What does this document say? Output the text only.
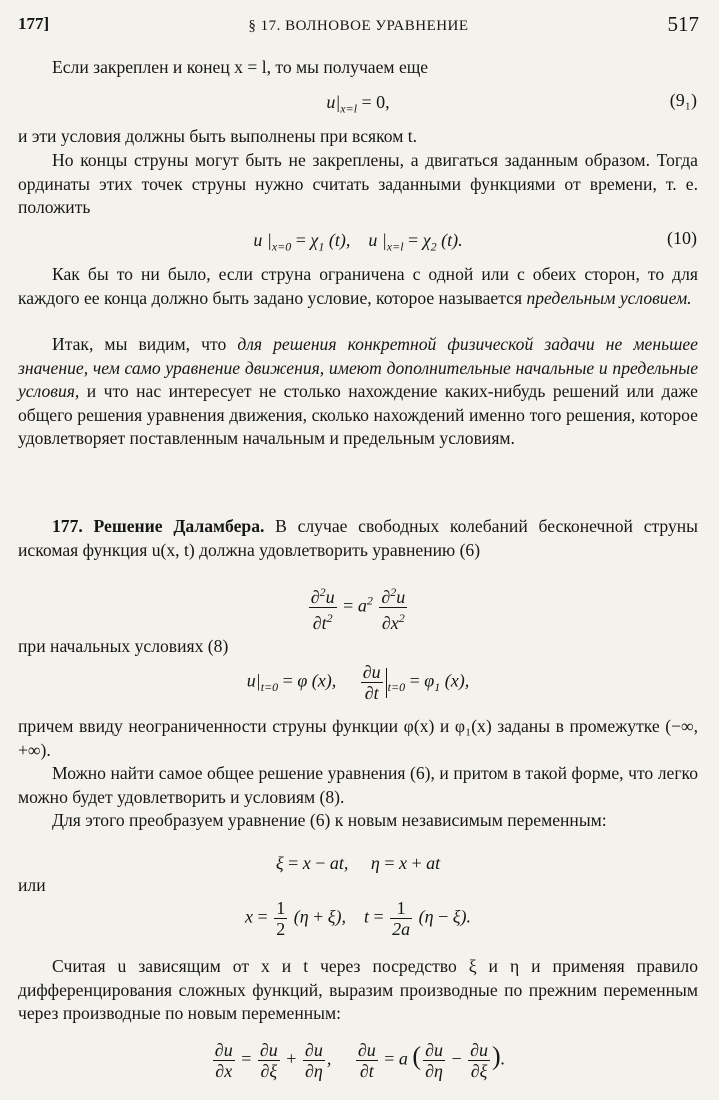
177]	§ 17. ВОЛНОВОЕ УРАВНЕНИЕ	517
Если закреплен и конец x = l, то мы получаем еще
$u|_{x=l} = 0$,	(9₁)
и эти условия должны быть выполнены при всяком t.
Но концы струны могут быть не закреплены, а двигаться заданным образом. Тогда ординаты этих точек струны нужно считать заданными функциями от времени, т. е. положить
u $|_{x=0} = \chi_1$ (t),    u $|_{x=l} = \chi_2$ (t).	(10)
Как бы то ни было, если струна ограничена с одной или с обеих сторон, то для каждого ее конца должно быть задано условие, которое называется предельным условием.
Итак, мы видим, что для решения конкретной физической задачи не меньшее значение, чем само уравнение движения, имеют дополнительные начальные и предельные условия, и что нас интересует не столько нахождение каких-нибудь решений или даже общего решения уравнения движения, сколько нахождений именно того решения, которое удовлетворяет поставленным начальным и предельным условиям.
177. Решение Даламбера. В случае свободных колебаний бесконечной струны искомая функция u(x, t) должна удовлетворить уравнению (6)
$\frac{\partial^2u}{\partial t^2} = a^2 \frac{\partial^2u}{\partial x^2}$
при начальных условиях (8)
$u|_{t=0} = \varphi$ (x), $\frac{\partial u}{\partial t} _{t=0} = \varphi_1$ (x),
причем ввиду неограниченности струны функции φ(x) и φ₁(x) заданы в промежутке (−∞, +∞).
Можно найти самое общее решение уравнения (6), и притом в такой форме, что легко можно будет удовлетворить и условиям (8).
Для этого преобразуем уравнение (6) к новым независимым переменным:
ξ = x − at,     η = x + at
или
$x = \frac{1}{2} (\eta + \xi)$,    $t = \frac{1}{2a} (\eta - \xi)$.
Считая u зависящим от x и t через посредство ξ и η и применяя правило дифференцирования сложных функций, выразим производные по прежним переменным через производные по новым переменным:
$\frac{\partial u}{\partial x} = \frac{\partial u}{\partial\xi} + \frac{\partial u}{\partial\eta}$ , $\frac{\partial u}{\partial t} = a$ ( $\frac{\partial u}{\partial\eta} - \frac{\partial u}{\partial\xi}$ ).
